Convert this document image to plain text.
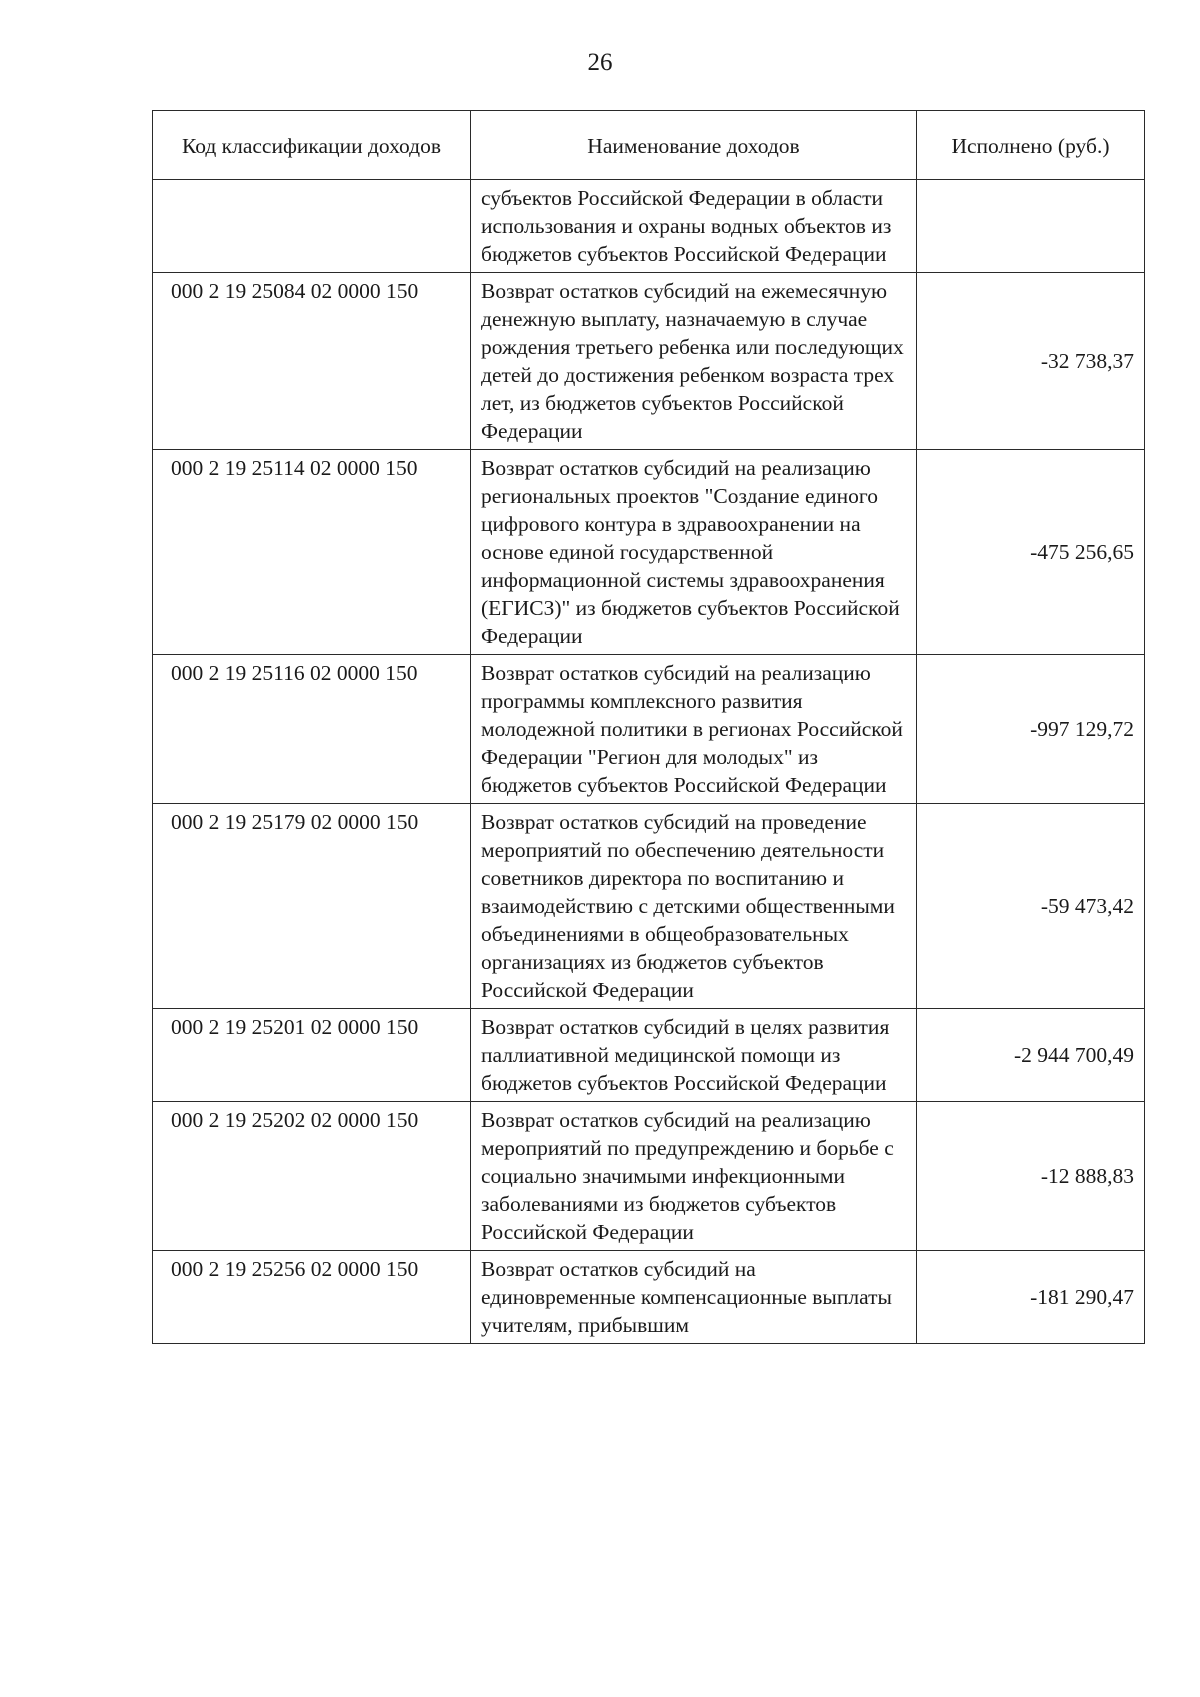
26
Код классификации доходов	Наименование доходов	Исполнено (руб.)
	субъектов Российской Федерации в области использования и охраны водных объектов из бюджетов субъектов Российской Федерации	
000 2 19 25084 02 0000 150	Возврат остатков субсидий на ежемесячную денежную выплату, назначаемую в случае рождения третьего ребенка или последующих детей до достижения ребенком возраста трех лет, из бюджетов субъектов Российской Федерации	-32 738,37
000 2 19 25114 02 0000 150	Возврат остатков субсидий на реализацию региональных проектов "Создание единого цифрового контура в здравоохранении на основе единой государственной информационной системы здравоохранения (ЕГИСЗ)" из бюджетов субъектов Российской Федерации	-475 256,65
000 2 19 25116 02 0000 150	Возврат остатков субсидий на реализацию программы комплексного развития молодежной политики в регионах Российской Федерации "Регион для молодых" из бюджетов субъектов Российской Федерации	-997 129,72
000 2 19 25179 02 0000 150	Возврат остатков субсидий на проведение мероприятий по обеспечению деятельности советников директора по воспитанию и взаимодействию с детскими общественными объединениями в общеобразовательных организациях из бюджетов субъектов Российской Федерации	-59 473,42
000 2 19 25201 02 0000 150	Возврат остатков субсидий в целях развития паллиативной медицинской помощи из бюджетов субъектов Российской Федерации	-2 944 700,49
000 2 19 25202 02 0000 150	Возврат остатков субсидий на реализацию мероприятий по предупреждению и борьбе с социально значимыми инфекционными заболеваниями из бюджетов субъектов Российской Федерации	-12 888,83
000 2 19 25256 02 0000 150	Возврат остатков субсидий на единовременные компенсационные выплаты учителям, прибывшим	-181 290,47
